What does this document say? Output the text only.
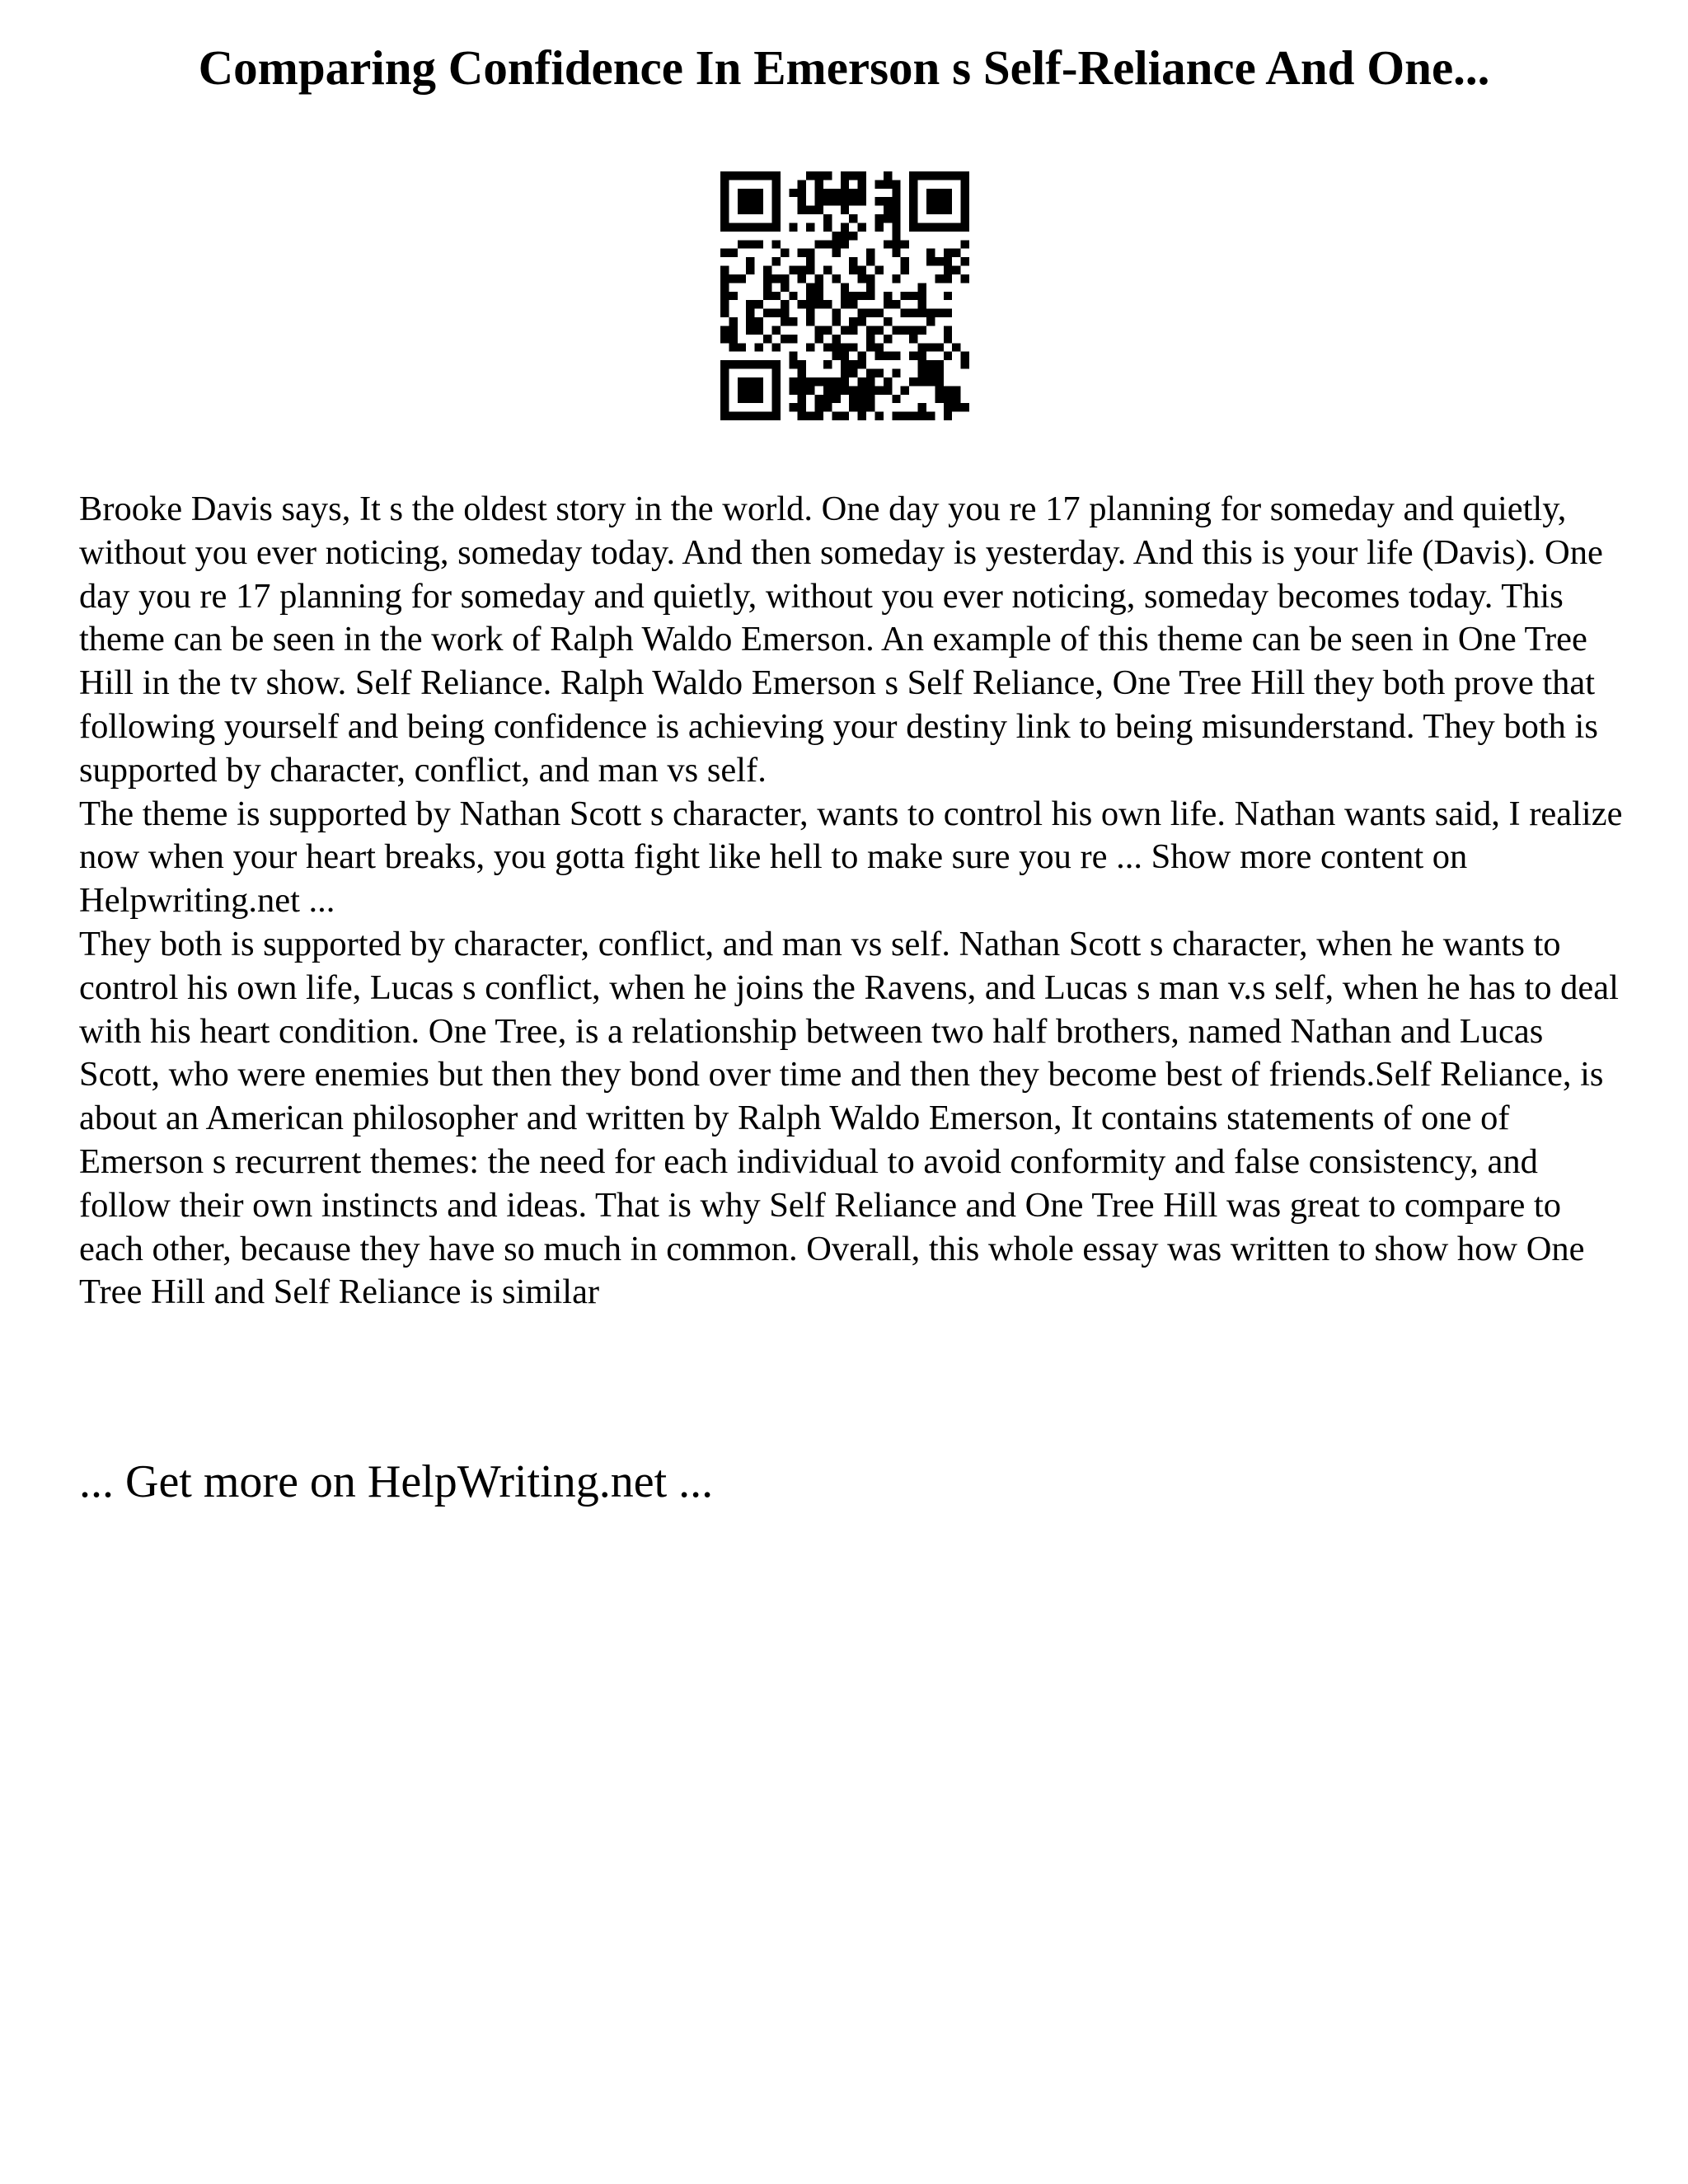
Comparing Confidence In Emerson s Self-Reliance And One...

Brooke Davis says, It s the oldest story in the world. One day you re 17 planning for someday and quietly, without you ever noticing, someday today. And then someday is yesterday. And this is your life (Davis). One day you re 17 planning for someday and quietly, without you ever noticing, someday becomes today. This theme can be seen in the work of Ralph Waldo Emerson. An example of this theme can be seen in One Tree Hill in the tv show. Self Reliance. Ralph Waldo Emerson s Self Reliance, One Tree Hill they both prove that following yourself and being confidence is achieving your destiny link to being misunderstand. They both is supported by character, conflict, and man vs self.

The theme is supported by Nathan Scott s character, wants to control his own life. Nathan wants said, I realize now when your heart breaks, you gotta fight like hell to make sure you re ... Show more content on Helpwriting.net ...

They both is supported by character, conflict, and man vs self. Nathan Scott s character, when he wants to control his own life, Lucas s conflict, when he joins the Ravens, and Lucas s man v.s self, when he has to deal with his heart condition. One Tree, is a relationship between two half brothers, named Nathan and Lucas Scott, who were enemies but then they bond over time and then they become best of friends.Self Reliance, is about an American philosopher and written by Ralph Waldo Emerson, It contains statements of one of Emerson s recurrent themes: the need for each individual to avoid conformity and false consistency, and follow their own instincts and ideas. That is why Self Reliance and One Tree Hill was great to compare to each other, because they have so much in common. Overall, this whole essay was written to show how One Tree Hill and Self Reliance is similar

... Get more on HelpWriting.net ...
